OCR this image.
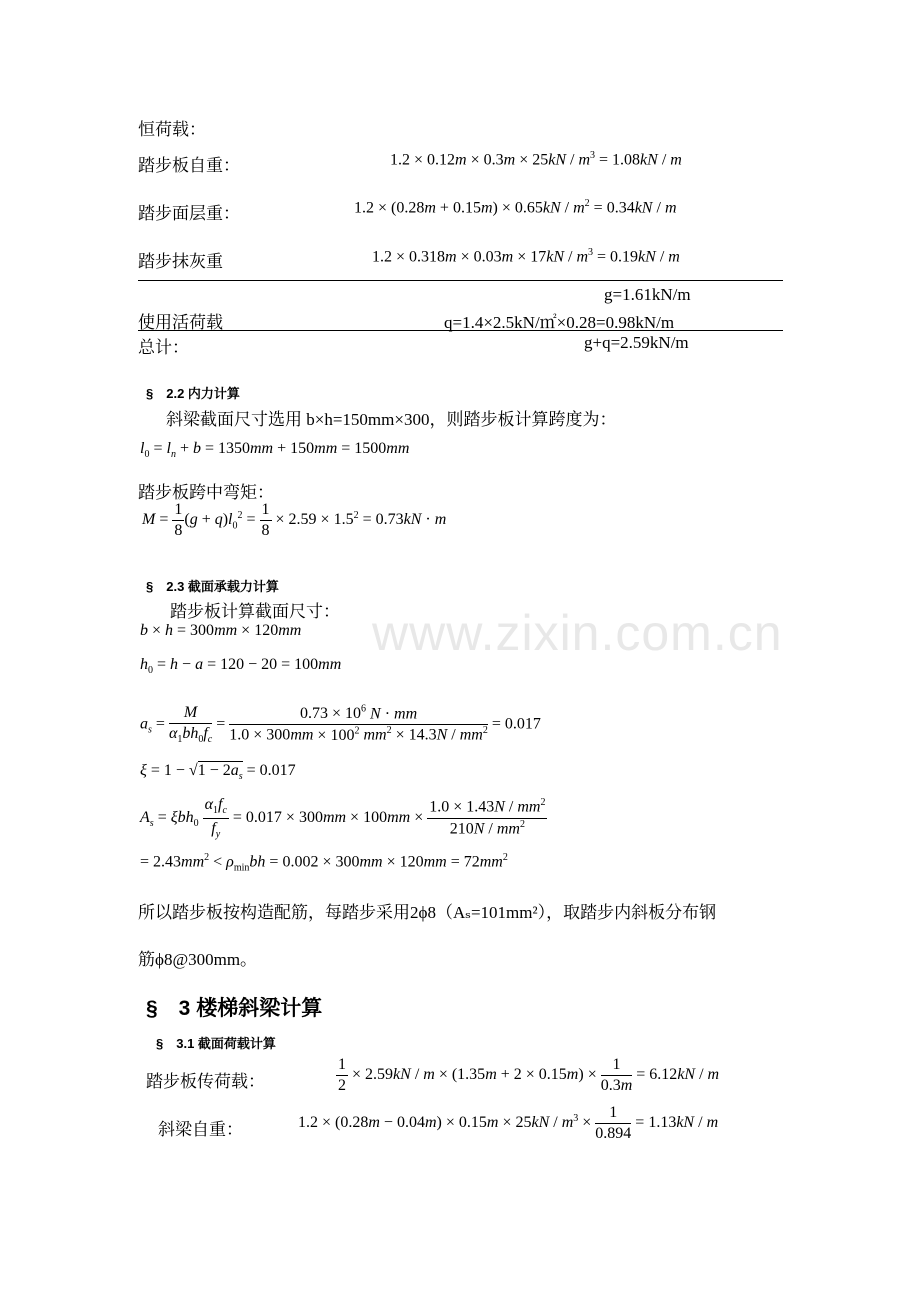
www.zixin.com.cn
恒荷载：
踏步板自重：	$1.2 \times 0.12m \times 0.3m \times 25kN / m^3 = 1.08kN / m$
踏步面层重：	$1.2 \times (0.28m + 0.15m) \times 0.65kN / m^2 = 0.34kN / m$
踏步抹灰重	$1.2 \times 0.318m \times 0.03m \times 17kN / m^3 = 0.19kN / m$
g=1.61kN/m
使用活荷载	q=1.4×2.5kN/㎡×0.28=0.98kN/m
总计：	g+q=2.59kN/m
§　2.2 内力计算
斜梁截面尺寸选用 b×h=150mm×300，则踏步板计算跨度为：
$l_0 = l_n + b = 1350mm + 150mm = 1500mm$
踏步板跨中弯矩：
$M = \frac{1}{8} (g + q)l_0^2 = \frac{1}{8} \times 2.59 \times 1.5^2 = 0.73kN \cdot m$
§　2.3 截面承载力计算
踏步板计算截面尺寸：
b × h = 300mm × 120mm
$h_0 = h - a = 120 - 20 = 100mm$
$a_s = \frac{M}{\alpha_1bh_0f_c} = \frac{0.73 \times 10^6 N \cdot mm}{1.0 \times 300mm \times 100^2 mm^2 \times 14.3N / mm^2} = 0.017$
$\xi = 1 - √1 - 2a_s = 0.017$
$A_s = \xi bh_0 \frac{\alpha_1f_c}{f_y} = 0.017 \times 300mm \times 100mm \times \frac{1.0 \times 1.43N / mm^2}{210N / mm^2}$
= $2.43mm^2 < \rho_{min}bh = 0.002 \times 300mm \times 120mm = 72mm^2$
所以踏步板按构造配筋，每踏步采用2ϕ8（Aₛ=101mm²），取踏步内斜板分布钢
筋ϕ8@300mm。
§　3 楼梯斜梁计算
§　3.1 截面荷载计算
踏步板传荷载：	$\frac{1}{2} \times 2.59kN / m \times (1.35m + 2 \times 0.15m) \times \frac{1}{0.3m} = 6.12kN / m$
斜梁自重：	$1.2 \times (0.28m - 0.04m) \times 0.15m \times 25kN / m^3 \times \frac{1}{0.894} = 1.13kN / m$
